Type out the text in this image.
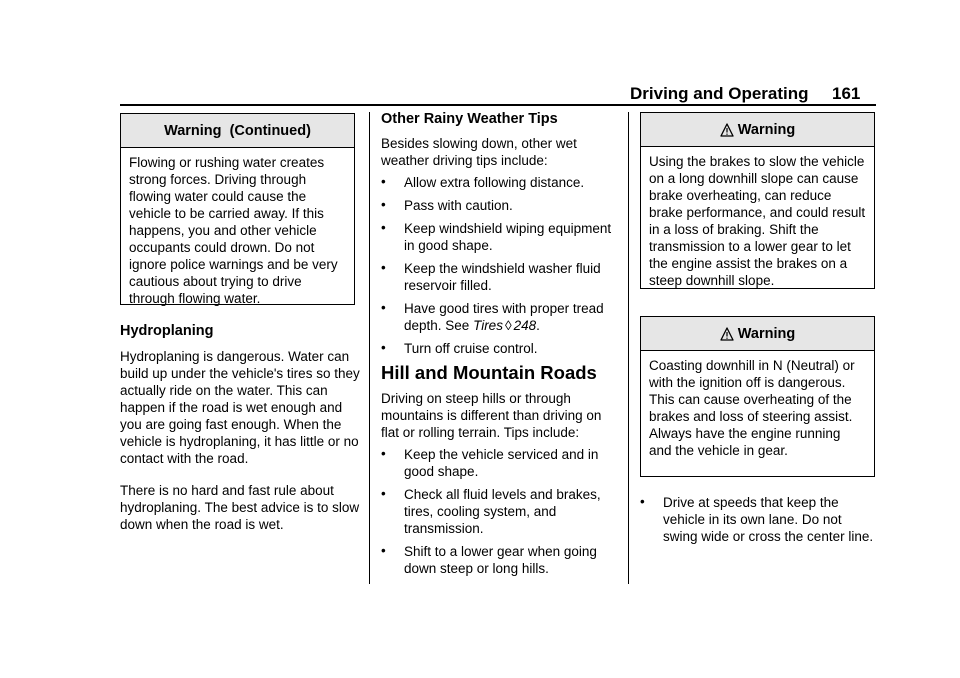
Driving and Operating 161
Warning  (Continued)
Flowing or rushing water creates strong forces. Driving through flowing water could cause the vehicle to be carried away. If this happens, you and other vehicle occupants could drown. Do not ignore police warnings and be very cautious about trying to drive through flowing water.
Hydroplaning
Hydroplaning is dangerous. Water can build up under the vehicle's tires so they actually ride on the water. This can happen if the road is wet enough and you are going fast enough. When the vehicle is hydroplaning, it has little or no contact with the road.
There is no hard and fast rule about hydroplaning. The best advice is to slow down when the road is wet.
Other Rainy Weather Tips
Besides slowing down, other wet weather driving tips include:
• Allow extra following distance.
• Pass with caution.
• Keep windshield wiping equipment in good shape.
• Keep the windshield washer fluid reservoir filled.
• Have good tires with proper tread depth. See Tires ◊ 248.
• Turn off cruise control.
Hill and Mountain Roads
Driving on steep hills or through mountains is different than driving on flat or rolling terrain. Tips include:
• Keep the vehicle serviced and in good shape.
• Check all fluid levels and brakes, tires, cooling system, and transmission.
• Shift to a lower gear when going down steep or long hills.
Warning
Using the brakes to slow the vehicle on a long downhill slope can cause brake overheating, can reduce brake performance, and could result in a loss of braking. Shift the transmission to a lower gear to let the engine assist the brakes on a steep downhill slope.
Warning
Coasting downhill in N (Neutral) or with the ignition off is dangerous. This can cause overheating of the brakes and loss of steering assist. Always have the engine running and the vehicle in gear.
• Drive at speeds that keep the vehicle in its own lane. Do not swing wide or cross the center line.
